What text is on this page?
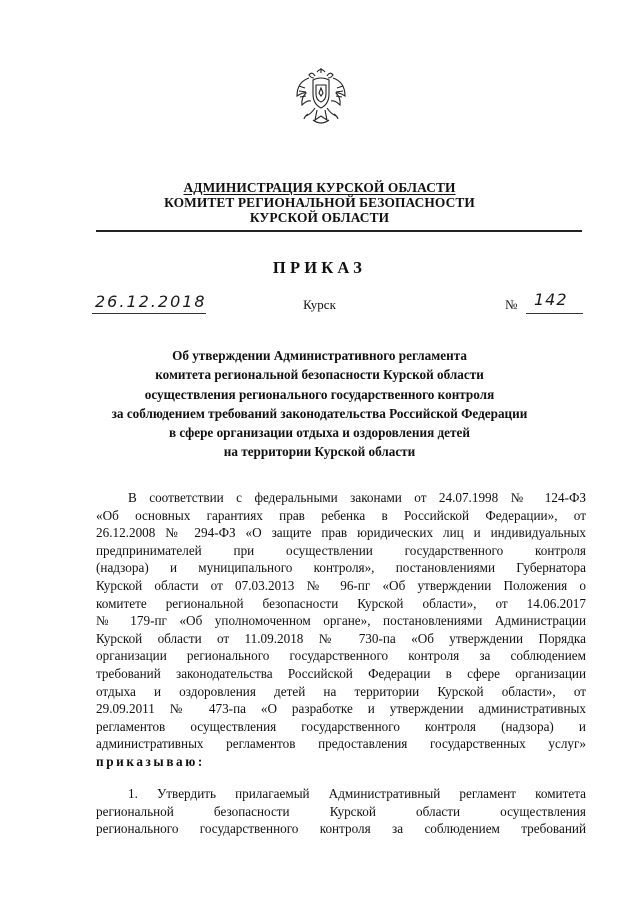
АДМИНИСТРАЦИЯ КУРСКОЙ ОБЛАСТИ
КОМИТЕТ РЕГИОНАЛЬНОЙ БЕЗОПАСНОСТИ
КУРСКОЙ ОБЛАСТИ
ПРИКАЗ
26.12.2018	Курск	№ 142
Об утверждении Административного регламента
комитета региональной безопасности Курской области
осуществления регионального государственного контроля
за соблюдением требований законодательства Российской Федерации
в сфере организации отдыха и оздоровления детей
на территории Курской области
В соответствии с федеральными законами от 24.07.1998 № 124-ФЗ
«Об основных гарантиях прав ребенка в Российской Федерации», от
26.12.2008 № 294-ФЗ «О защите прав юридических лиц и индивидуальных
предпринимателей при осуществлении государственного контроля
(надзора) и муниципального контроля», постановлениями Губернатора
Курской области от 07.03.2013 № 96-пг «Об утверждении Положения о
комитете региональной безопасности Курской области», от 14.06.2017
№ 179-пг «Об уполномоченном органе», постановлениями Администрации
Курской области от 11.09.2018 № 730-па «Об утверждении Порядка
организации регионального государственного контроля за соблюдением
требований законодательства Российской Федерации в сфере организации
отдыха и оздоровления детей на территории Курской области», от
29.09.2011 № 473-па «О разработке и утверждении административных
регламентов осуществления государственного контроля (надзора) и
административных регламентов предоставления государственных услуг»
приказываю:
1. Утвердить прилагаемый Административный регламент комитета
региональной безопасности Курской области осуществления
регионального государственного контроля за соблюдением требований
